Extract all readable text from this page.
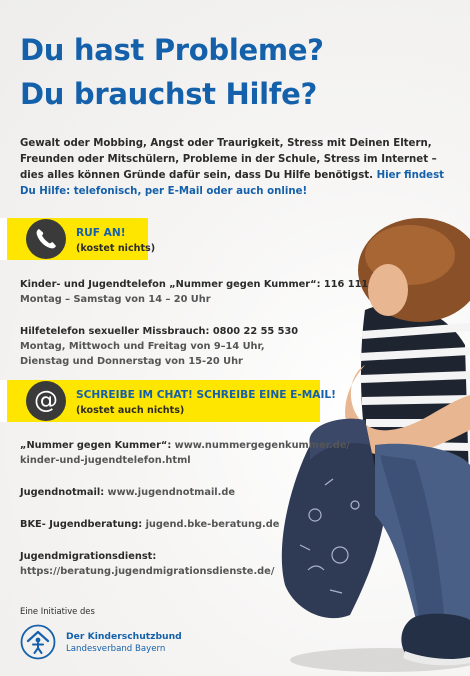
Du hast Probleme?
Du brauchst Hilfe?

Gewalt oder Mobbing, Angst oder Traurigkeit, Stress mit Deinen Eltern, Freunden oder Mitschülern, Probleme in der Schule, Stress im Internet – dies alles können Gründe dafür sein, dass Du Hilfe benötigst. Hier findest Du Hilfe: telefonisch, per E-Mail oder auch online!

RUF AN!
(kostet nichts)

Kinder- und Jugendtelefon „Nummer gegen Kummer“: 116 111
Montag – Samstag von 14 – 20 Uhr

Hilfetelefon sexueller Missbrauch: 0800 22 55 530
Montag, Mittwoch und Freitag von 9–14 Uhr,
Dienstag und Donnerstag von 15-20 Uhr

@	SCHREIBE IM CHAT! SCHREIBE EINE E-MAIL!
(kostet auch nichts)

„Nummer gegen Kummer“: www.nummergegenkummer.de/
kinder-und-jugendtelefon.html

Jugendnotmail: www.jugendnotmail.de

BKE- Jugendberatung: jugend.bke-beratung.de

Jugendmigrationsdienst:
https://beratung.jugendmigrationsdienste.de/

Eine Initiative des
Der Kinderschutzbund
Landesverband Bayern
